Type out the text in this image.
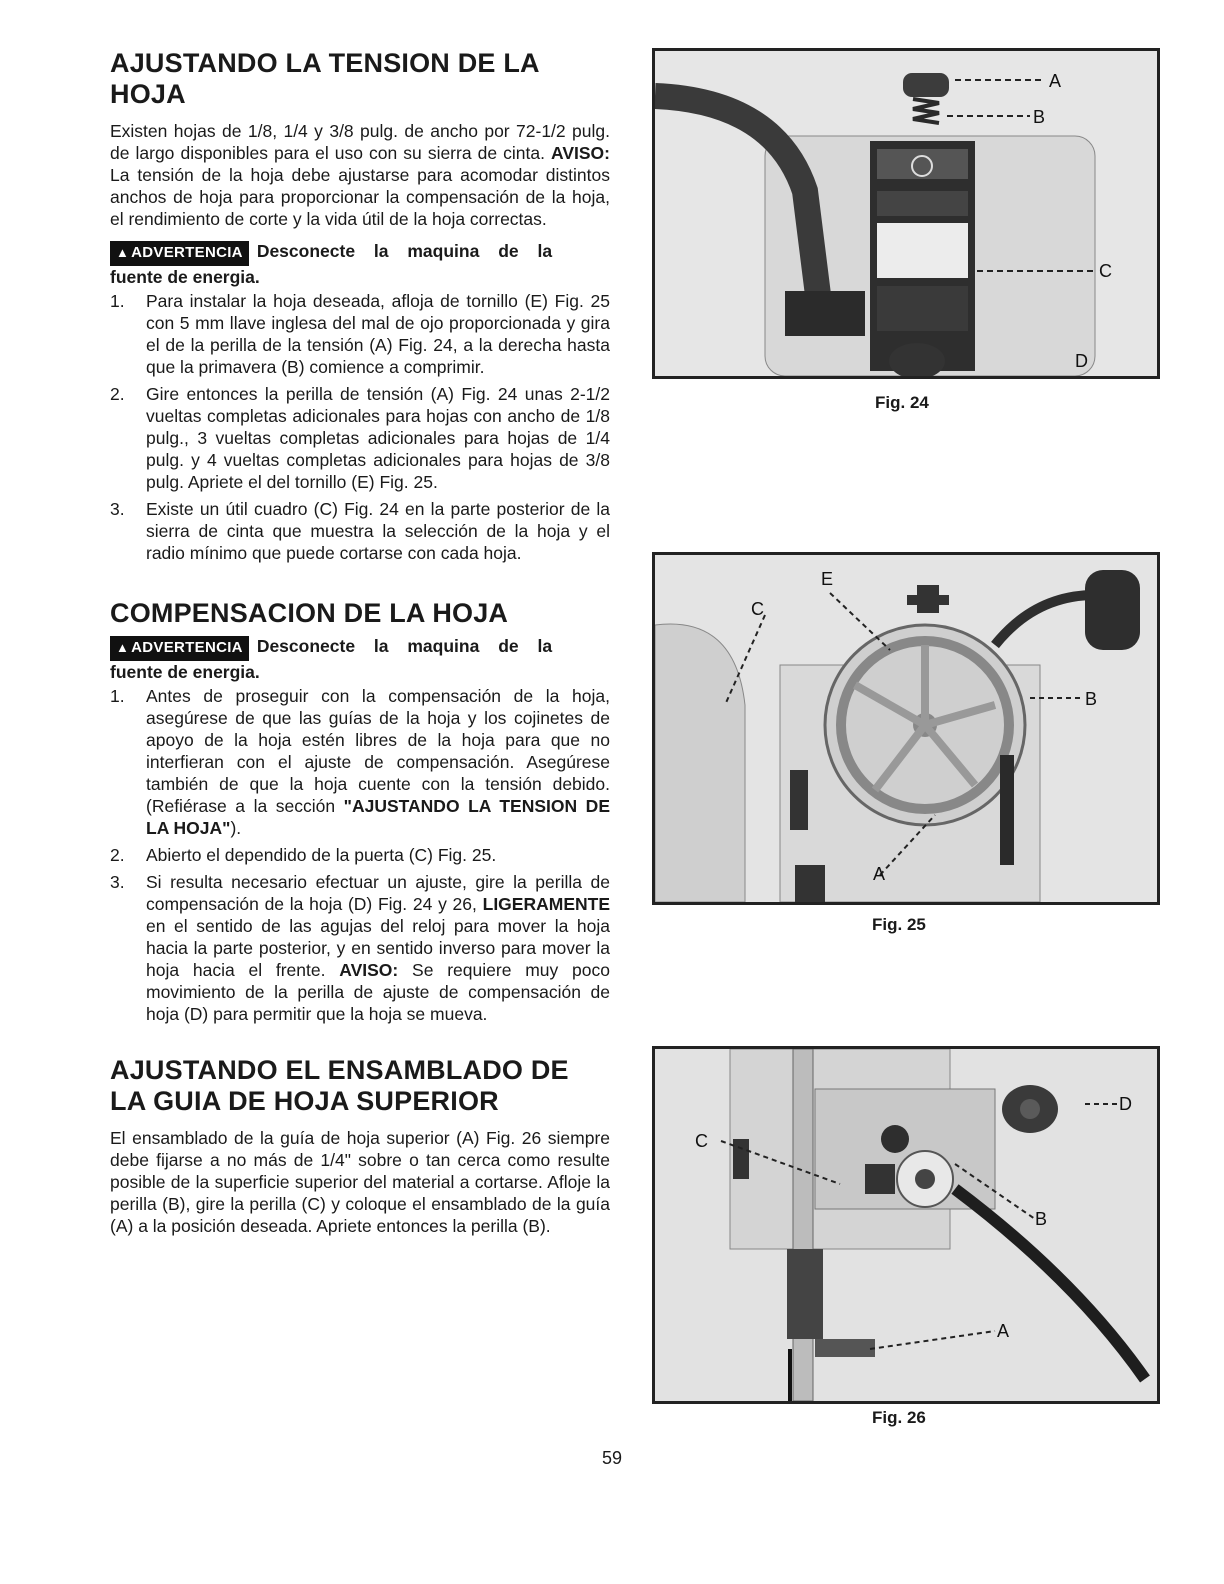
AJUSTANDO LA TENSION DE LA
HOJA

Existen hojas de 1/8, 1/4 y 3/8 pulg. de ancho por 72-1/2 pulg. de largo disponibles para el uso con su sierra de cinta. AVISO: La tensión de la hoja debe ajustarse para acomodar distintos anchos de hoja para proporcionar la compensación de la hoja, el rendimiento de corte y la vida útil de la hoja correctas.

▲ ADVERTENCIA Desconecte la maquina de la
fuente de energia.
1. Para instalar la hoja deseada, afloja de tornillo (E) Fig. 25 con 5 mm llave inglesa del mal de ojo proporcionada y gira el de la perilla de la tensión (A) Fig. 24, a la derecha hasta que la primavera (B) comience a comprimir.
2. Gire entonces la perilla de tensión (A) Fig. 24 unas 2-1/2 vueltas completas adicionales para hojas con ancho de 1/8 pulg., 3 vueltas completas adicionales para hojas de 1/4 pulg. y 4 vueltas completas adicionales para hojas de 3/8 pulg. Apriete el del tornillo (E) Fig. 25.
3. Existe un útil cuadro (C) Fig. 24 en la parte posterior de la sierra de cinta que muestra la selección de la hoja y el radio mínimo que puede cortarse con cada hoja.
COMPENSACION DE LA HOJA
▲ ADVERTENCIA Desconecte la maquina de la
fuente de energia.
1. Antes de proseguir con la compensación de la hoja, asegúrese de que las guías de la hoja y los cojinetes de apoyo de la hoja estén libres de la hoja para que no interfieran con el ajuste de compensación. Asegúrese también de que la hoja cuente con la tensión debido. (Refiérase a la sección "AJUSTANDO LA TENSION DE LA HOJA").
2. Abierto el dependido de la puerta (C) Fig. 25.
3. Si resulta necesario efectuar un ajuste, gire la perilla de compensación de la hoja (D) Fig. 24 y 26, LIGERAMENTE en el sentido de las agujas del reloj para mover la hoja hacia la parte posterior, y en sentido inverso para mover la hoja hacia el frente. AVISO: Se requiere muy poco movimiento de la perilla de ajuste de compensación de hoja (D) para permitir que la hoja se mueva.
AJUSTANDO EL ENSAMBLADO DE
LA GUIA DE HOJA SUPERIOR

El ensamblado de la guía de hoja superior (A) Fig. 26 siempre debe fijarse a no más de 1/4" sobre o tan cerca como resulte posible de la superficie superior del material a cortarse. Afloje la perilla (B), gire la perilla (C) y coloque el ensamblado de la guía (A) a la posición deseada. Apriete entonces la perilla (B).

A
B
C
D
Fig. 24
E
C
B
A
Fig. 25
C
D
B
A
Fig. 26
59
